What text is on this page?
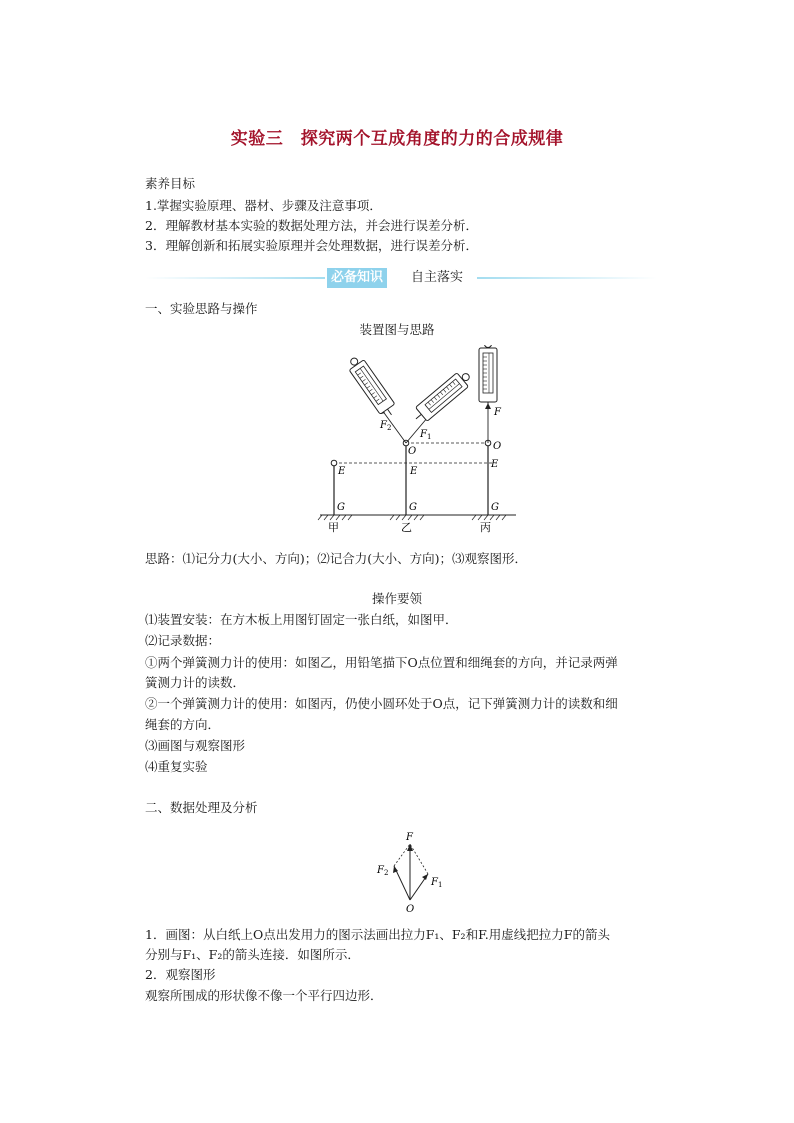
实验三　探究两个互成角度的力的合成规律
素养目标
1.掌握实验原理、器材、步骤及注意事项．
2．理解教材基本实验的数据处理方法，并会进行误差分析．
3．理解创新和拓展实验原理并会处理数据，进行误差分析．
必备知识	自主落实
一、实验思路与操作
装置图与思路
$F_2$
$F_1$
F
O	O
E	E
E
G	G	G
甲	乙	丙
思路：⑴记分力(大小、方向)；⑵记合力(大小、方向)；⑶观察图形．
操作要领
⑴装置安装：在方木板上用图钉固定一张白纸，如图甲．
⑵记录数据：
①两个弹簧测力计的使用：如图乙，用铅笔描下O点位置和细绳套的方向，并记录两弹
簧测力计的读数．
②一个弹簧测力计的使用：如图丙，仍使小圆环处于O点，记下弹簧测力计的读数和细
绳套的方向．
⑶画图与观察图形
⑷重复实验
二、数据处理及分析
F
$F_2$
$F_1$
O
1．画图：从白纸上O点出发用力的图示法画出拉力F₁、F₂和F.用虚线把拉力F的箭头
分别与F₁、F₂的箭头连接．如图所示．
2．观察图形
观察所围成的形状像不像一个平行四边形．
